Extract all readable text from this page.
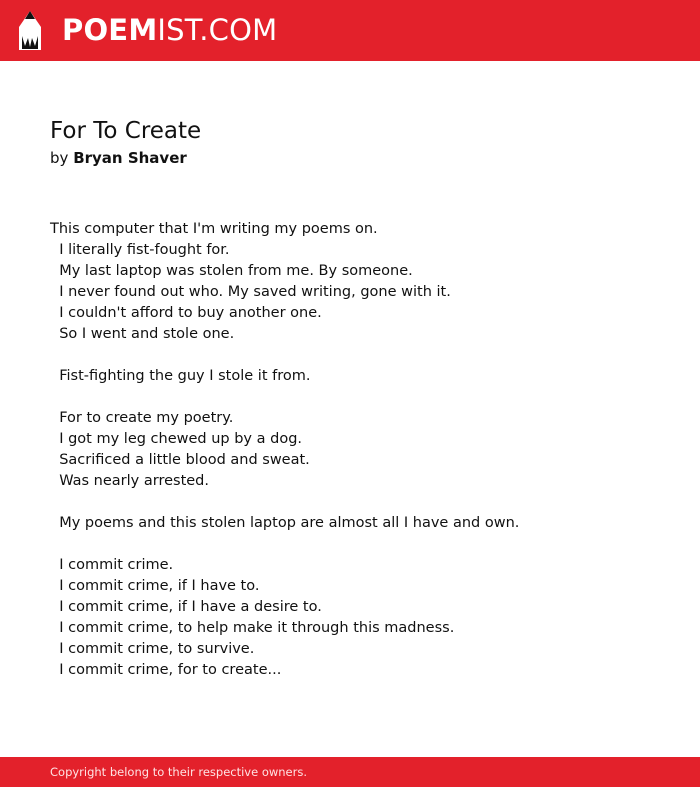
POEMIST.COM
For To Create
by Bryan Shaver
This computer that I'm writing my poems on.
I literally fist-fought for.
My last laptop was stolen from me. By someone.
I never found out who. My saved writing, gone with it.
I couldn't afford to buy another one.
So I went and stole one.
Fist-fighting the guy I stole it from.
For to create my poetry.
I got my leg chewed up by a dog.
Sacrificed a little blood and sweat.
Was nearly arrested.
My poems and this stolen laptop are almost all I have and own.
I commit crime.
I commit crime, if I have to.
I commit crime, if I have a desire to.
I commit crime, to help make it through this madness.
I commit crime, to survive.
I commit crime, for to create...
Copyright belong to their respective owners.
